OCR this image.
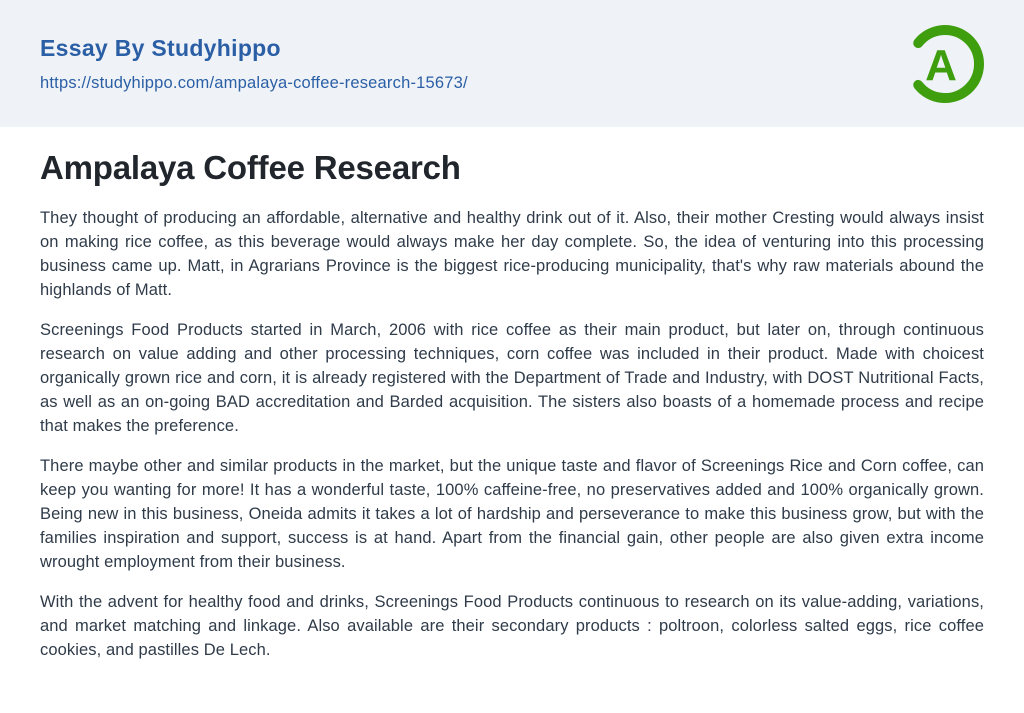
Essay By Studyhippo
https://studyhippo.com/ampalaya-coffee-research-15673/	A
Ampalaya Coffee Research

They thought of producing an affordable, alternative and healthy drink out of it. Also, their mother Cresting would always insist on making rice coffee, as this beverage would always make her day complete. So, the idea of venturing into this processing business came up. Matt, in Agrarians Province is the biggest rice-producing municipality, that's why raw materials abound the highlands of Matt.

Screenings Food Products started in March, 2006 with rice coffee as their main product, but later on, through continuous research on value adding and other processing techniques, corn coffee was included in their product. Made with choicest organically grown rice and corn, it is already registered with the Department of Trade and Industry, with DOST Nutritional Facts, as well as an on-going BAD accreditation and Barded acquisition. The sisters also boasts of a homemade process and recipe that makes the preference.

There maybe other and similar products in the market, but the unique taste and flavor of Screenings Rice and Corn coffee, can keep you wanting for more! It has a wonderful taste, 100% caffeine-free, no preservatives added and 100% organically grown. Being new in this business, Oneida admits it takes a lot of hardship and perseverance to make this business grow, but with the families inspiration and support, success is at hand. Apart from the financial gain, other people are also given extra income wrought employment from their business.

With the advent for healthy food and drinks, Screenings Food Products continuous to research on its value-adding, variations, and market matching and linkage. Also available are their secondary products : poltroon, colorless salted eggs, rice coffee cookies, and pastilles De Lech.
